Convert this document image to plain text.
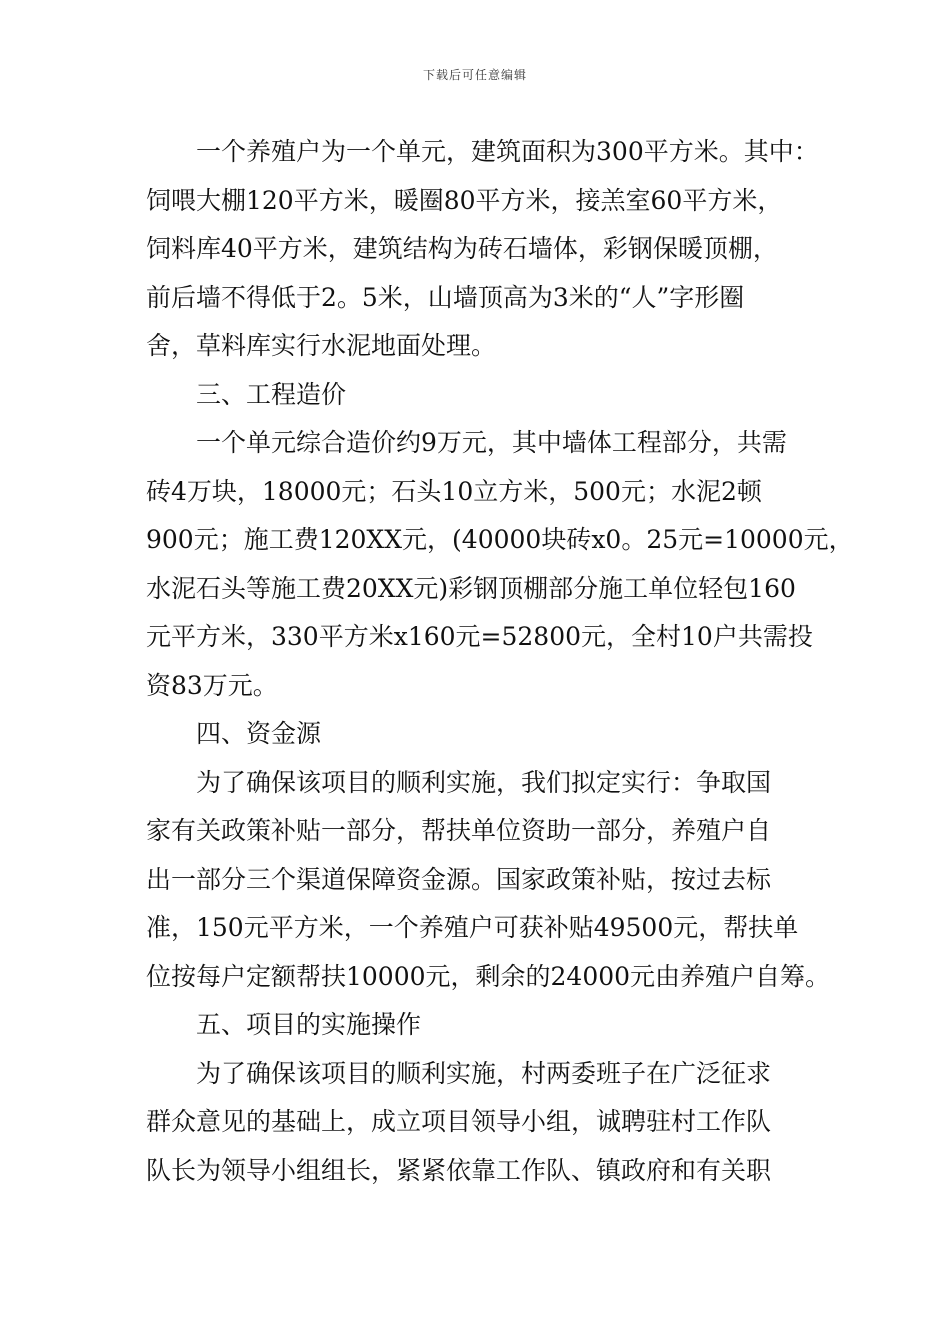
下载后可任意编辑
一个养殖户为一个单元，建筑面积为300平方米。其中：
饲喂大棚120平方米，暖圈80平方米，接羔室60平方米，
饲料库40平方米，建筑结构为砖石墙体，彩钢保暖顶棚，
前后墙不得低于2。5米，山墙顶高为3米的“人”字形圈
舍，草料库实行水泥地面处理。
三、工程造价
一个单元综合造价约9万元，其中墙体工程部分，共需
砖4万块，18000元；石头10立方米，500元；水泥2顿
900元；施工费120XX元，(40000块砖x0。25元=10000元，
水泥石头等施工费20XX元)彩钢顶棚部分施工单位轻包160
元平方米，330平方米x160元=52800元，全村10户共需投
资83万元。
四、资金源
为了确保该项目的顺利实施，我们拟定实行：争取国
家有关政策补贴一部分，帮扶单位资助一部分，养殖户自
出一部分三个渠道保障资金源。国家政策补贴，按过去标
准，150元平方米，一个养殖户可获补贴49500元，帮扶单
位按每户定额帮扶10000元，剩余的24000元由养殖户自筹。
五、项目的实施操作
为了确保该项目的顺利实施，村两委班子在广泛征求
群众意见的基础上，成立项目领导小组，诚聘驻村工作队
队长为领导小组组长，紧紧依靠工作队、镇政府和有关职
